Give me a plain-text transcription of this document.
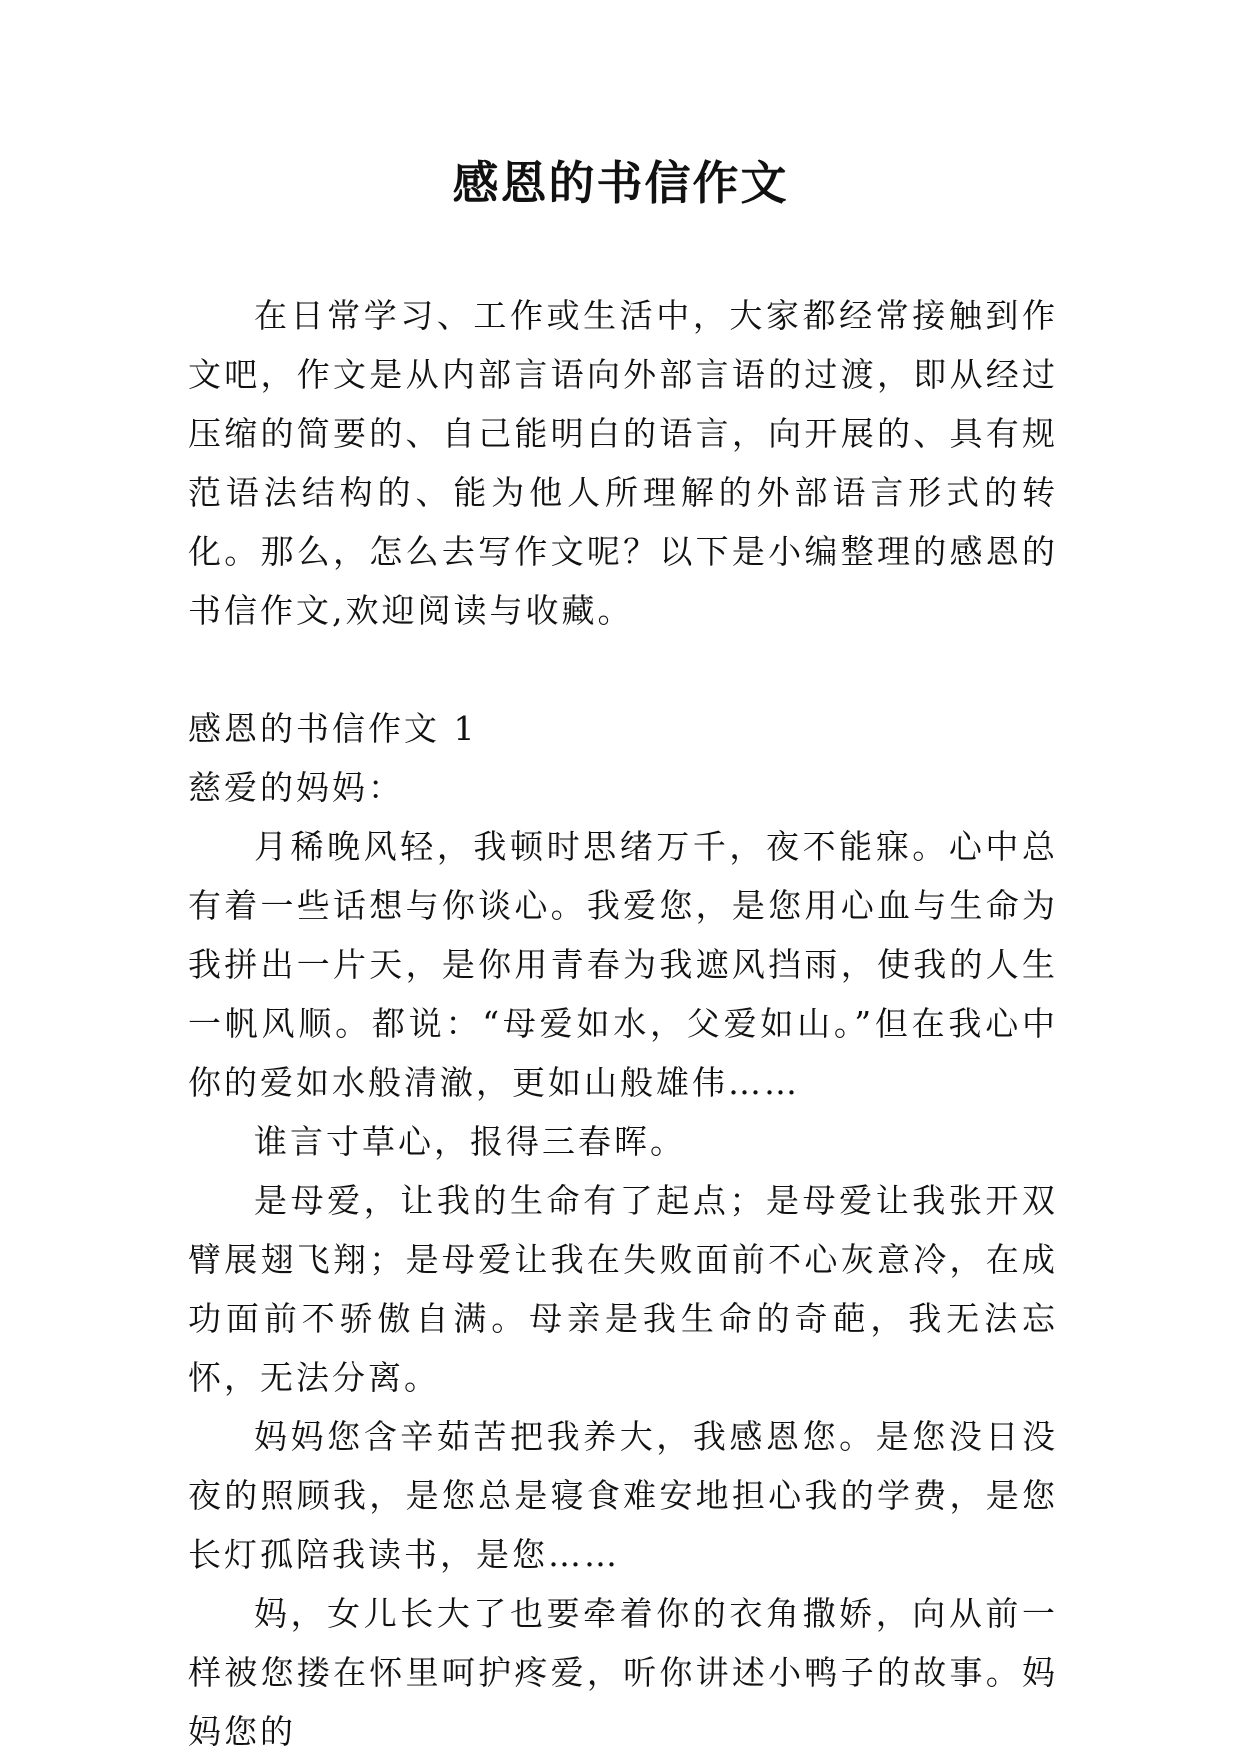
感恩的书信作文

在日常学习、工作或生活中，大家都经常接触到作文吧，作文是从内部言语向外部言语的过渡，即从经过压缩的简要的、自己能明白的语言，向开展的、具有规范语法结构的、能为他人所理解的外部语言形式的转化。那么，怎么去写作文呢？以下是小编整理的感恩的书信作文,欢迎阅读与收藏。

感恩的书信作文 1

慈爱的妈妈：

月稀晚风轻，我顿时思绪万千，夜不能寐。心中总有着一些话想与你谈心。我爱您，是您用心血与生命为我拼出一片天，是你用青春为我遮风挡雨，使我的人生一帆风顺。都说：“母爱如水，父爱如山。”但在我心中你的爱如水般清澈，更如山般雄伟……

谁言寸草心，报得三春晖。

是母爱，让我的生命有了起点；是母爱让我张开双臂展翅飞翔；是母爱让我在失败面前不心灰意冷，在成功面前不骄傲自满。母亲是我生命的奇葩，我无法忘怀，无法分离。

妈妈您含辛茹苦把我养大，我感恩您。是您没日没夜的照顾我，是您总是寝食难安地担心我的学费，是您长灯孤陪我读书，是您……

妈，女儿长大了也要牵着你的衣角撒娇，向从前一样被您搂在怀里呵护疼爱，听你讲述小鸭子的故事。妈妈您的
